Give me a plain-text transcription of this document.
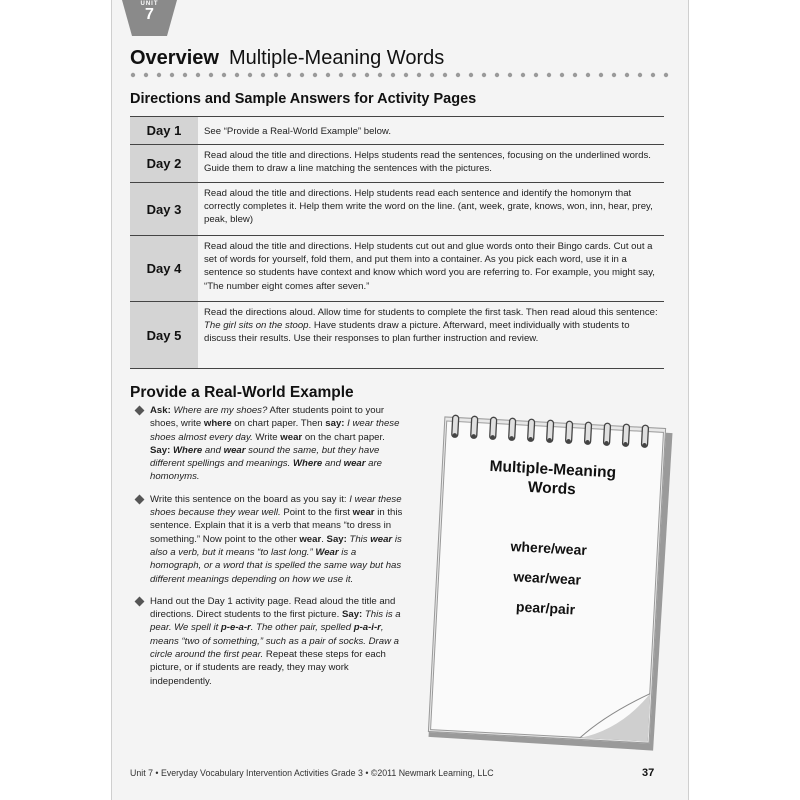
UNIT
7
Overview Multiple-Meaning Words
Directions and Sample Answers for Activity Pages
Day 1	See “Provide a Real-World Example” below.
Day 2
Read aloud the title and directions. Helps students read the sentences, focusing on the underlined words. Guide them to draw a line matching the sentences with the pictures.
Day 3
Read aloud the title and directions. Help students read each sentence and identify the homonym that correctly completes it. Help them write the word on the line. (ant, week, grate, knows, won, inn, hear, prey, peak, blew)
Day 4
Read aloud the title and directions. Help students cut out and glue words onto their Bingo cards. Cut out a set of words for yourself, fold them, and put them into a container. As you pick each word, use it in a sentence so students have context and know which word you are referring to. For example, you might say, “The number eight comes after seven.”
Day 5
Read the directions aloud. Allow time for students to complete the first task. Then read aloud this sentence: The girl sits on the stoop. Have students draw a picture. Afterward, meet individually with students to discuss their results. Use their responses to plan further instruction and review.
Provide a Real-World Example
Ask: Where are my shoes? After students point to your shoes, write where on chart paper. Then say: I wear these shoes almost every day. Write wear on the chart paper. Say: Where and wear sound the same, but they have different spellings and meanings. Where and wear are homonyms.
Write this sentence on the board as you say it: I wear these shoes because they wear well. Point to the first wear in this sentence. Explain that it is a verb that means “to dress in something.” Now point to the other wear. Say: This wear is also a verb, but it means “to last long.” Wear is a homograph, or a word that is spelled the same way but has different meanings depending on how we use it.
Hand out the Day 1 activity page. Read aloud the title and directions. Direct students to the first picture. Say: This is a pear. We spell it p-e-a-r. The other pair, spelled p-a-i-r, means “two of something,” such as a pair of socks. Draw a circle around the first pear. Repeat these steps for each picture, or if students are ready, they may work independently.
Multiple-Meaning
Words
where/wear
wear/wear
pear/pair
Unit 7 • Everyday Vocabulary Intervention Activities Grade 3 • ©2011 Newmark Learning, LLC	37
